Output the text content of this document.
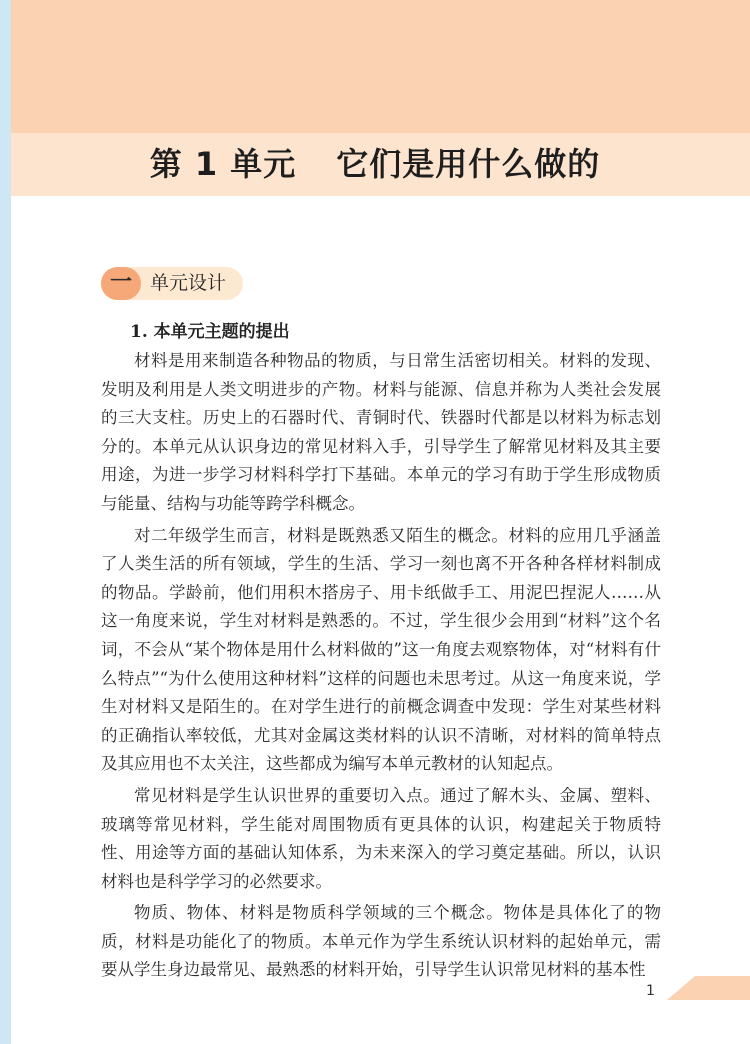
第 1 单元 它们是用什么做的
一 单元设计
1. 本单元主题的提出

材料是用来制造各种物品的物质，与日常生活密切相关。材料的发现、发明及利用是人类文明进步的产物。材料与能源、信息并称为人类社会发展的三大支柱。历史上的石器时代、青铜时代、铁器时代都是以材料为标志划分的。本单元从认识身边的常见材料入手，引导学生了解常见材料及其主要用途，为进一步学习材料科学打下基础。本单元的学习有助于学生形成物质与能量、结构与功能等跨学科概念。

对二年级学生而言，材料是既熟悉又陌生的概念。材料的应用几乎涵盖了人类生活的所有领域，学生的生活、学习一刻也离不开各种各样材料制成的物品。学龄前，他们用积木搭房子、用卡纸做手工、用泥巴捏泥人……从这一角度来说，学生对材料是熟悉的。不过，学生很少会用到“材料”这个名词，不会从“某个物体是用什么材料做的”这一角度去观察物体，对“材料有什么特点”“为什么使用这种材料”这样的问题也未思考过。从这一角度来说，学生对材料又是陌生的。在对学生进行的前概念调查中发现：学生对某些材料的正确指认率较低，尤其对金属这类材料的认识不清晰，对材料的简单特点及其应用也不太关注，这些都成为编写本单元教材的认知起点。

常见材料是学生认识世界的重要切入点。通过了解木头、金属、塑料、玻璃等常见材料，学生能对周围物质有更具体的认识，构建起关于物质特性、用途等方面的基础认知体系，为未来深入的学习奠定基础。所以，认识材料也是科学学习的必然要求。

物质、物体、材料是物质科学领域的三个概念。物体是具体化了的物质，材料是功能化了的物质。本单元作为学生系统认识材料的起始单元，需要从学生身边最常见、最熟悉的材料开始，引导学生认识常见材料的基本性

1
